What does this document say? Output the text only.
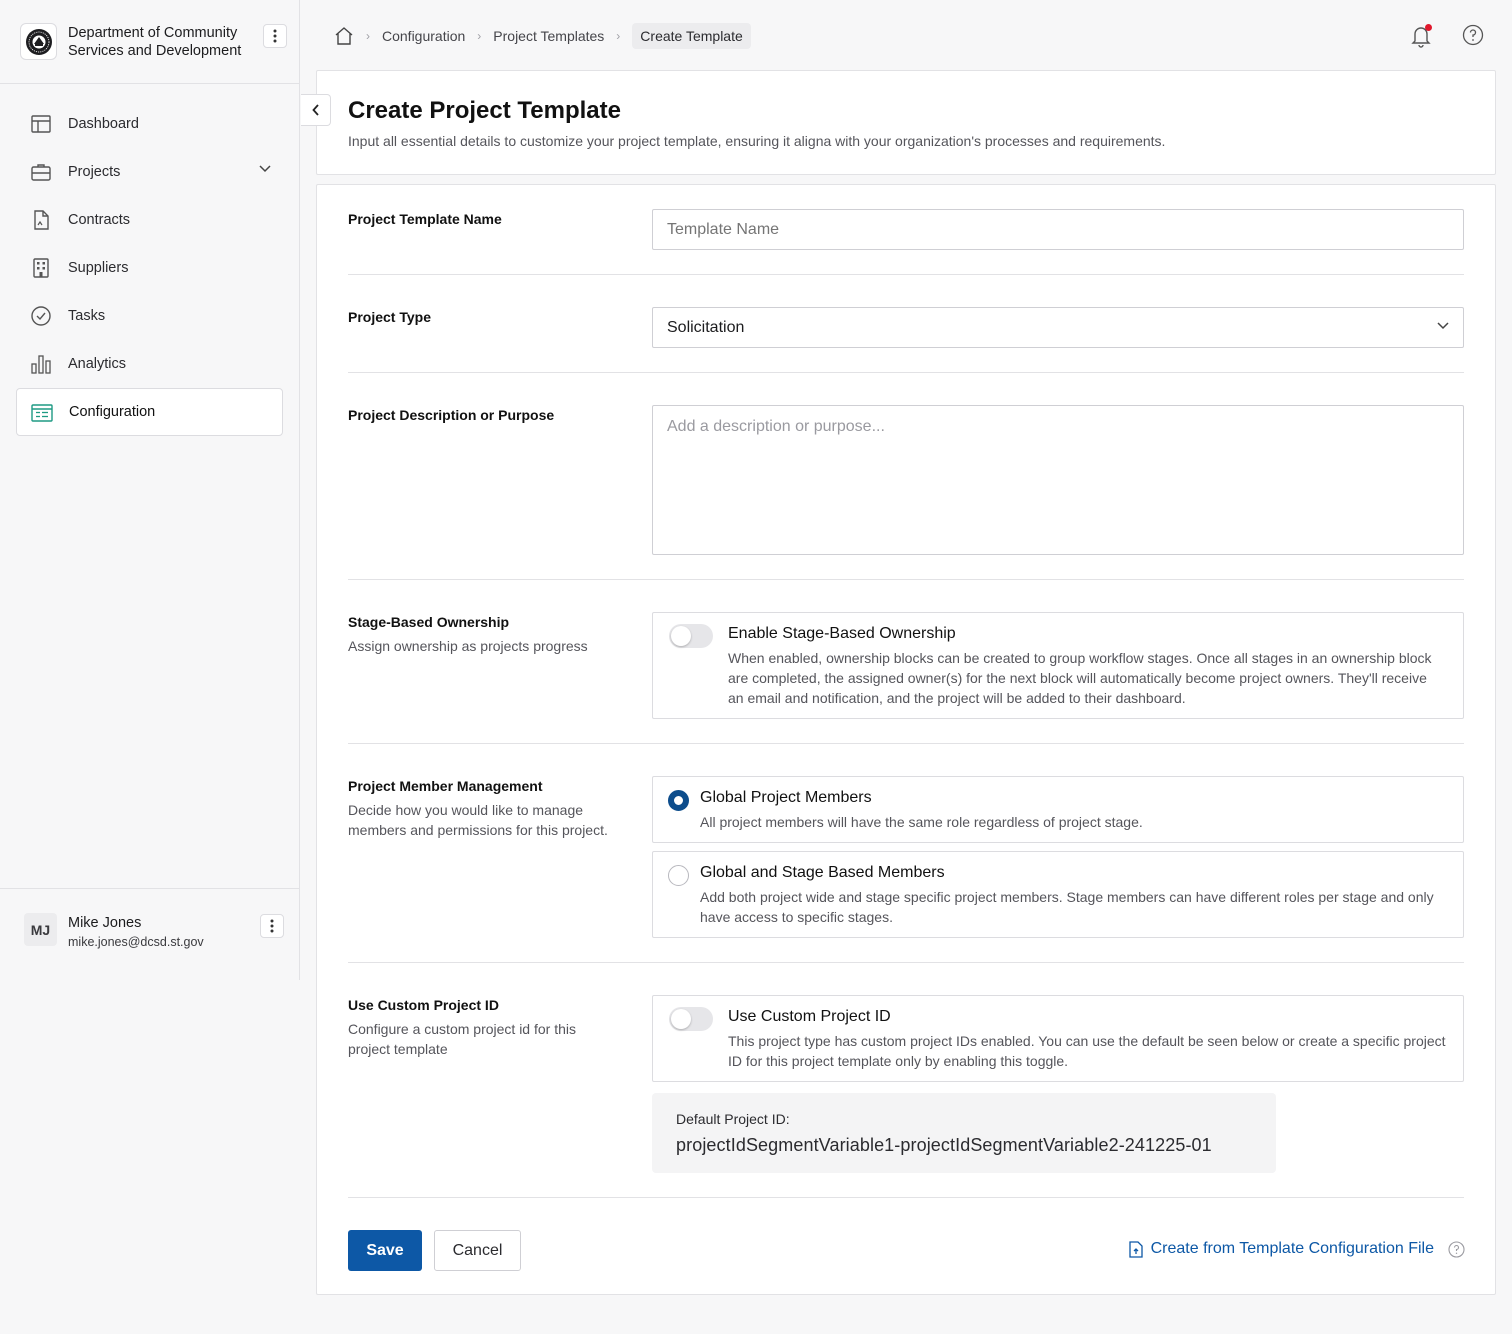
Department of Community Services and Development
Dashboard
Projects
Contracts
Suppliers
Tasks
Analytics
Configuration
MJ	Mike Jones
mike.jones@dcsd.st.gov
› Configuration › Project Templates ›	Create Template
Create Project Template

Input all essential details to customize your project template, ensuring it aligna with your organization's processes and requirements.

Project Template Name
Template Name
Project Type
Solicitation
Project Description or Purpose
Add a description or purpose...
Stage-Based Ownership
Assign ownership as projects progress
Enable Stage-Based Ownership
When enabled, ownership blocks can be created to group workflow stages. Once all stages in an ownership block are completed, the assigned owner(s) for the next block will automatically become project owners. They'll receive an email and notification, and the project will be added to their dashboard.
Project Member Management
Decide how you would like to manage members and permissions for this project.
Global Project Members
All project members will have the same role regardless of project stage.
Global and Stage Based Members
Add both project wide and stage specific project members. Stage members can have different roles per stage and only have access to specific stages.
Use Custom Project ID
Configure a custom project id for this project template
Use Custom Project ID
This project type has custom project IDs enabled. You can use the default be seen below or create a specific project ID for this project template only by enabling this toggle.
Default Project ID:
projectIdSegmentVariable1-projectIdSegmentVariable2-241225-01
Save	Cancel	Create from Template Configuration File
